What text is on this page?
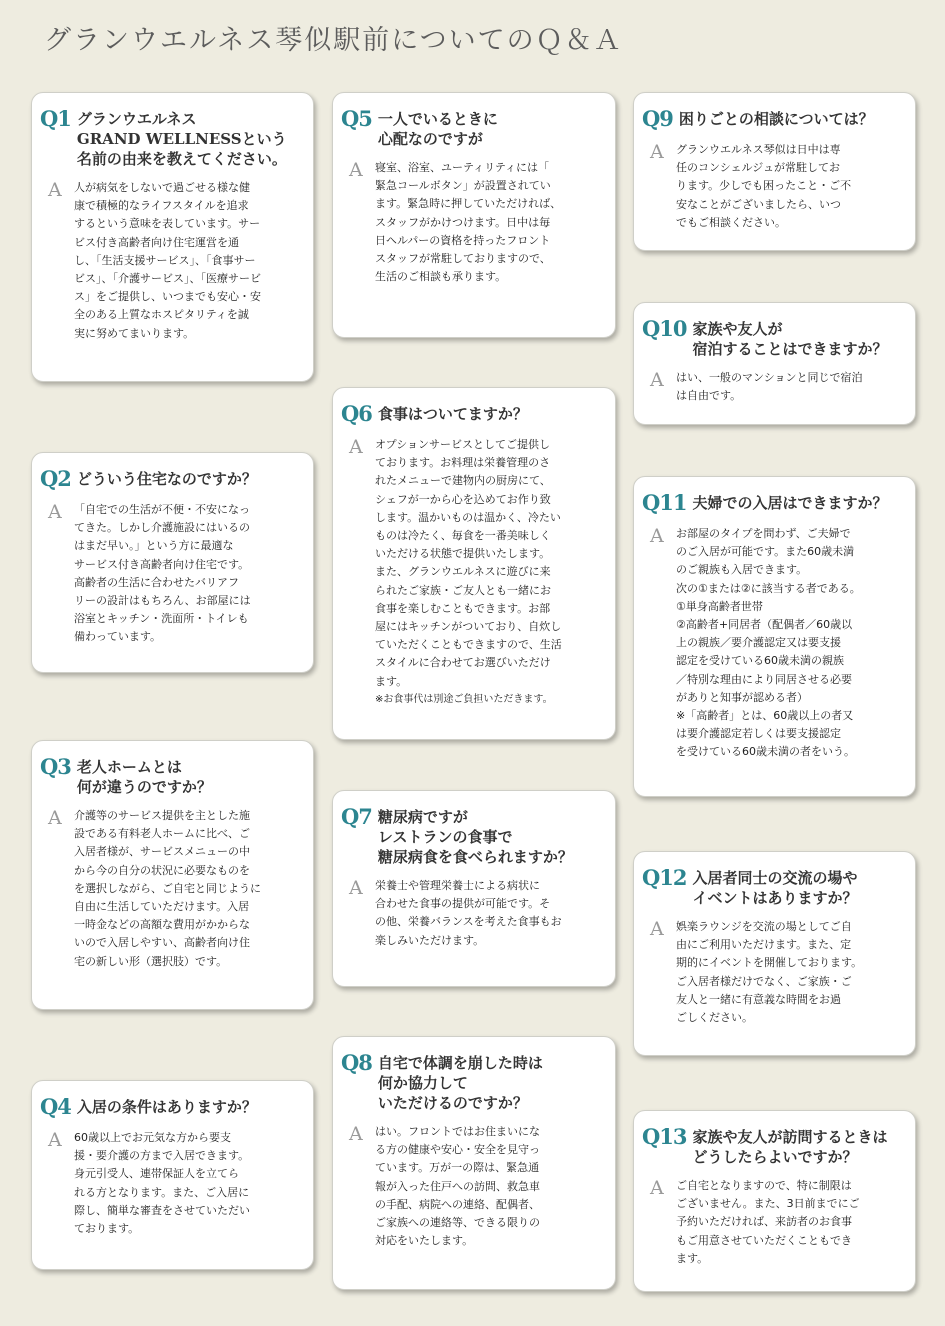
グランウエルネス琴似駅前についてのＱ＆Ａ
Q1 グランウエルネス
GRAND WELLNESSという
名前の由来を教えてください。
A	人が病気をしないで過ごせる様な健
康で積極的なライフスタイルを追求
するという意味を表しています。サー
ビス付き高齢者向け住宅運営を通
し、「生活支援サービス」、「食事サー
ビス」、「介護サービス」、「医療サービ
ス」をご提供し、いつまでも安心・安
全のある上質なホスピタリティを誠
実に努めてまいります。
Q2 どういう住宅なのですか？
A	「自宅での生活が不便・不安になっ
てきた。しかし介護施設にはいるの
はまだ早い。」という方に最適な
サービス付き高齢者向け住宅です。
高齢者の生活に合わせたバリアフ
リーの設計はもちろん、お部屋には
浴室とキッチン・洗面所・トイレも
備わっています。
Q3 老人ホームとは
何が違うのですか？
A	介護等のサービス提供を主とした施
設である有料老人ホームに比べ、ご
入居者様が、サービスメニューの中
から今の自分の状況に必要なものを
を選択しながら、ご自宅と同じように
自由に生活していただけます。入居
一時金などの高額な費用がかからな
いので入居しやすい、高齢者向け住
宅の新しい形（選択肢）です。
Q4 入居の条件はありますか？
A	60歳以上でお元気な方から要支
援・要介護の方まで入居できます。
身元引受人、連帯保証人を立てら
れる方となります。また、ご入居に
際し、簡単な審査をさせていただい
ております。
Q5 一人でいるときに
心配なのですが
A	寝室、浴室、ユーティリティには「
緊急コールボタン」が設置されてい
ます。緊急時に押していただければ、
スタッフがかけつけます。日中は毎
日ヘルパーの資格を持ったフロント
スタッフが常駐しておりますので、
生活のご相談も承ります。
Q6 食事はついてますか？
A	オプションサービスとしてご提供し
ております。お料理は栄養管理のさ
れたメニューで建物内の厨房にて、
シェフが一から心を込めてお作り致
します。温かいものは温かく、冷たい
ものは冷たく、毎食を一番美味しく
いただける状態で提供いたします。
また、グランウエルネスに遊びに来
られたご家族・ご友人とも一緒にお
食事を楽しむこともできます。お部
屋にはキッチンがついており、自炊し
ていただくこともできますので、生活
スタイルに合わせてお選びいただけ
ます。
※お食事代は別途ご負担いただきます。
Q7 糖尿病ですが
レストランの食事で
糖尿病食を食べられますか？
A	栄養士や管理栄養士による病状に
合わせた食事の提供が可能です。そ
の他、栄養バランスを考えた食事もお
楽しみいただけます。
Q8 自宅で体調を崩した時は
何か協力して
いただけるのですか？
A	はい。フロントではお住まいにな
る方の健康や安心・安全を見守っ
ています。万が一の際は、緊急通
報が入った住戸への訪問、救急車
の手配、病院への連絡、配偶者、
ご家族への連絡等、できる限りの
対応をいたします。
Q9 困りごとの相談については？
A	グランウエルネス琴似は日中は専
任のコンシェルジュが常駐してお
ります。少しでも困ったこと・ご不
安なことがございましたら、いつ
でもご相談ください。
Q10 家族や友人が
宿泊することはできますか？
A	はい、一般のマンションと同じで宿泊
は自由です。
Q11 夫婦での入居はできますか？
A	お部屋のタイプを問わず、ご夫婦で
のご入居が可能です。また60歳未満
のご親族も入居できます。
次の①または②に該当する者である。
①単身高齢者世帯
②高齢者+同居者（配偶者／60歳以
上の親族／要介護認定又は要支援
認定を受けている60歳未満の親族
／特別な理由により同居させる必要
がありと知事が認める者）
※「高齢者」とは、60歳以上の者又
は要介護認定若しくは要支援認定
を受けている60歳未満の者をいう。
Q12 入居者同士の交流の場や
イベントはありますか？
A	娯楽ラウンジを交流の場としてご自
由にご利用いただけます。また、定
期的にイベントを開催しております。
ご入居者様だけでなく、ご家族・ご
友人と一緒に有意義な時間をお過
ごしください。
Q13 家族や友人が訪問するときは
どうしたらよいですか？
A	ご自宅となりますので、特に制限は
ございません。また、3日前までにご
予約いただければ、来訪者のお食事
もご用意させていただくこともでき
ます。
